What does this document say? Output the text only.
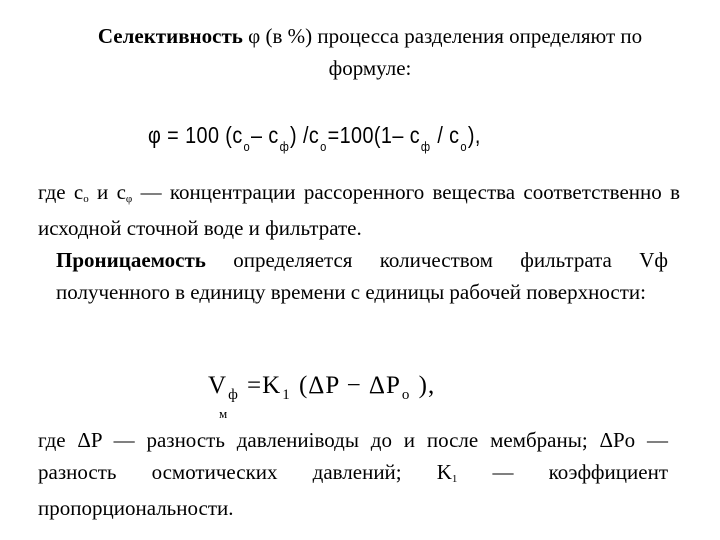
Селективность φ (в %) процесса разделения определяют по
формуле:
φ = 100 ($c_o-$ $c_ф$) $/c_o=100(1-$ $c_ф / c_o$),
где co и cφ — концентрации рассоренного вещества соответственно в исходной сточной воде и фильтрате.
Проницаемость определяется количеством фильтрата Vф полученного в единицу времени с единицы рабочей поверхности:
$V_ф =K_1$ ($\Delta P - \Delta P_o$ ),
м
где ΔP — разность давлениiводы до и после мембраны; ΔPo — разность осмотических давлений; K1 — коэффициент пропорциональности.
